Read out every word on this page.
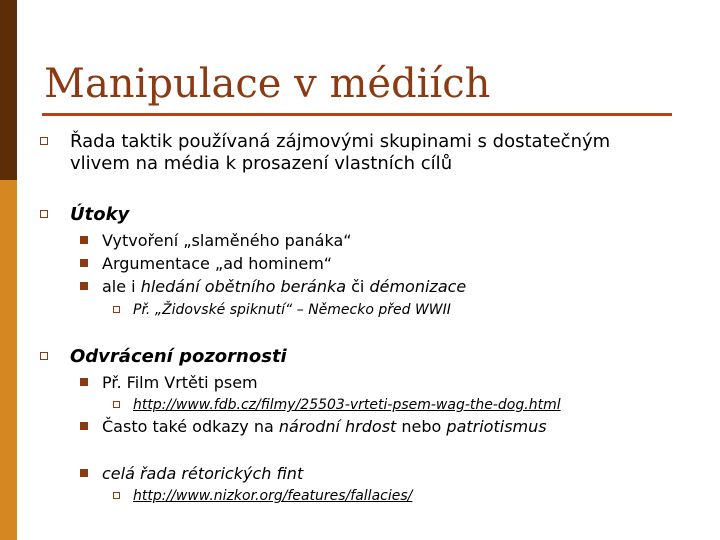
Manipulace v médiích
Řada taktik používaná zájmovými skupinami s dostatečným
vlivem na média k prosazení vlastních cílů
Útoky
Vytvoření „slaměného panáka“
Argumentace „ad hominem“
ale i hledání obětního beránka či démonizace
Př. „Židovské spiknutí“ – Německo před WWII
Odvrácení pozornosti
Př. Film Vrtěti psem
http://www.fdb.cz/filmy/25503-vrteti-psem-wag-the-dog.html
Často také odkazy na národní hrdost nebo patriotismus
celá řada rétorických fint
http://www.nizkor.org/features/fallacies/
